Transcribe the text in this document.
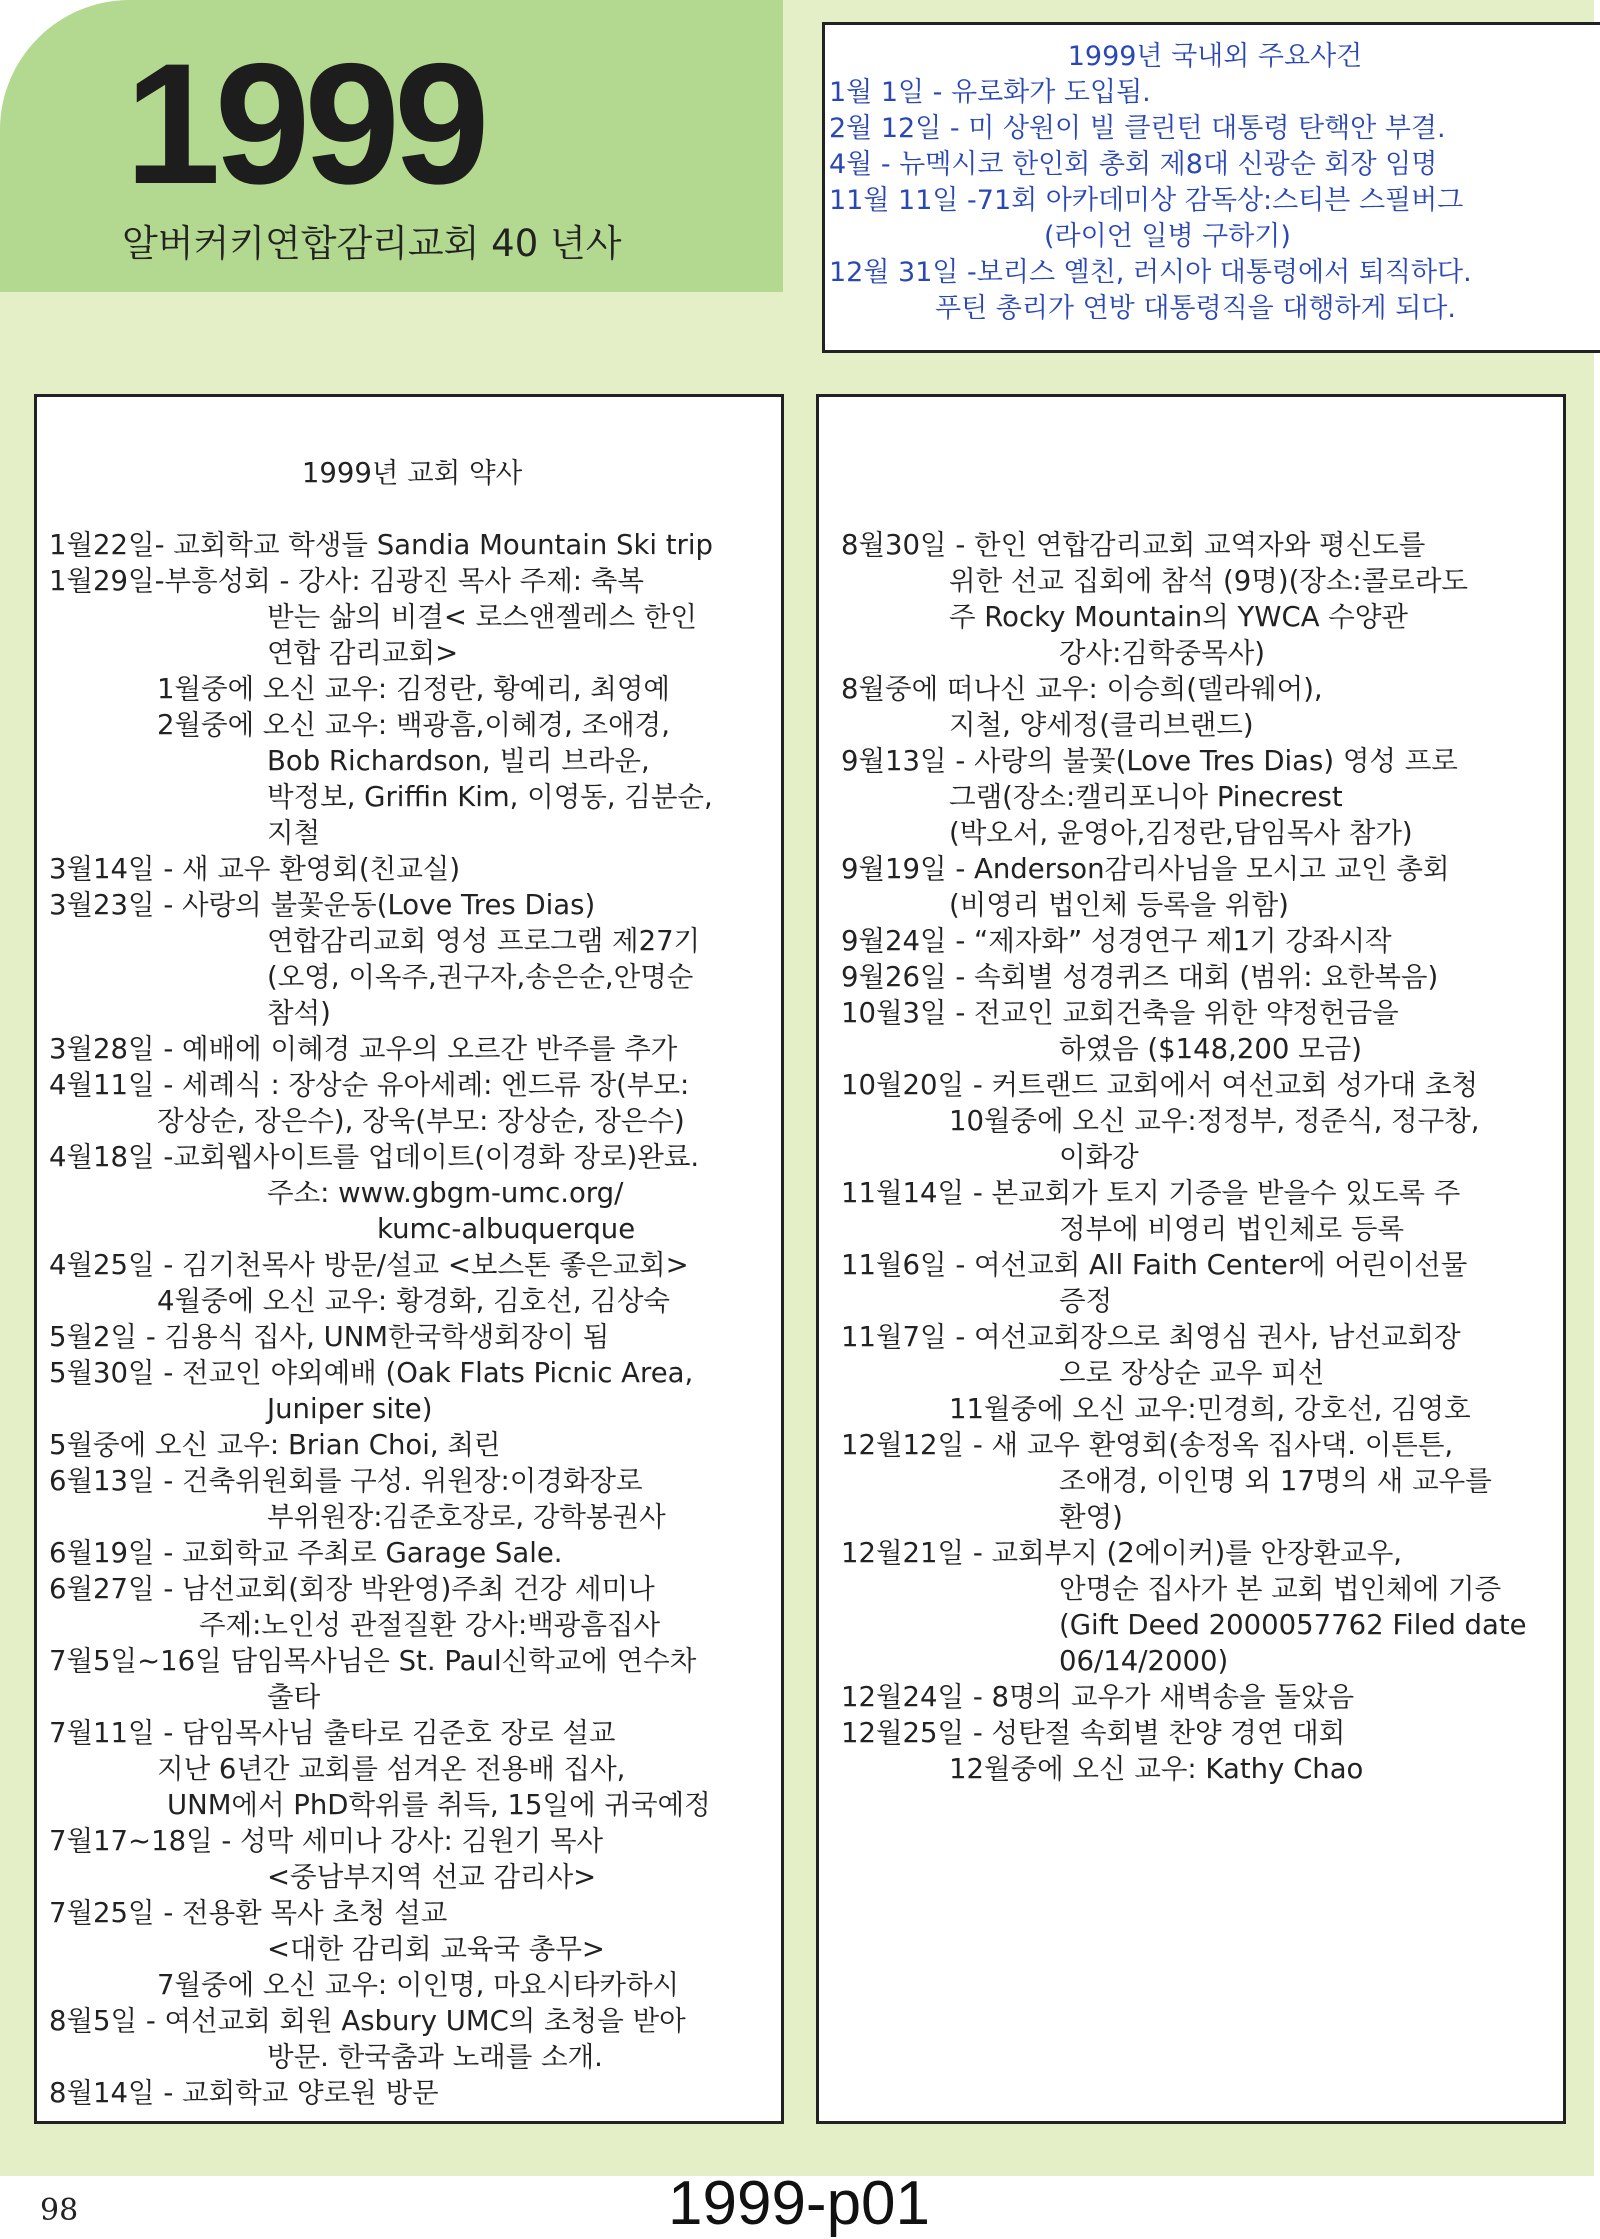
1999
알버커키연합감리교회 40 년사
1999년 국내외 주요사건
1월 1일 - 유로화가 도입됨.
2월 12일 - 미 상원이 빌 클린턴 대통령 탄핵안 부결.
4월 - 뉴멕시코 한인회 총회 제8대 신광순 회장 임명
11월 11일 -71회 아카데미상 감독상:스티븐 스필버그
(라이언 일병 구하기)
12월 31일 -보리스 옐친, 러시아 대통령에서 퇴직하다.
푸틴 총리가 연방 대통령직을 대행하게 되다.
1999년 교회 약사
1월22일- 교회학교 학생들 Sandia Mountain Ski trip
1월29일-부흥성회 - 강사: 김광진 목사 주제: 축복
받는 삶의 비결< 로스앤젤레스 한인
연합 감리교회>
1월중에 오신 교우: 김정란, 황예리, 최영예
2월중에 오신 교우: 백광흠,이혜경, 조애경,
Bob Richardson, 빌리 브라운,
박정보, Griffin Kim, 이영동, 김분순,
지철
3월14일 - 새 교우 환영회(친교실)
3월23일 - 사랑의 불꽃운동(Love Tres Dias)
연합감리교회 영성 프로그램 제27기
(오영, 이옥주,권구자,송은순,안명순
참석)
3월28일 - 예배에 이혜경 교우의 오르간 반주를 추가
4월11일 - 세례식 : 장상순 유아세례: 엔드류 장(부모:
장상순, 장은수), 장욱(부모: 장상순, 장은수)
4월18일 -교회웹사이트를 업데이트(이경화 장로)완료.
주소: www.gbgm-umc.org/
kumc-albuquerque
4월25일 - 김기천목사 방문/설교 <보스톤 좋은교회>
4월중에 오신 교우: 황경화, 김호선, 김상숙
5월2일 - 김용식 집사, UNM한국학생회장이 됨
5월30일 - 전교인 야외예배 (Oak Flats Picnic Area,
Juniper site)
5월중에 오신 교우: Brian Choi, 최린
6월13일 - 건축위원회를 구성. 위원장:이경화장로
부위원장:김준호장로, 강학봉권사
6월19일 - 교회학교 주최로 Garage Sale.
6월27일 - 남선교회(회장 박완영)주최 건강 세미나
주제:노인성 관절질환 강사:백광흠집사
7월5일~16일 담임목사님은 St. Paul신학교에 연수차
출타
7월11일 - 담임목사님 출타로 김준호 장로 설교
지난 6년간 교회를 섬겨온 전용배 집사,
UNM에서 PhD학위를 취득, 15일에 귀국예정
7월17~18일 - 성막 세미나 강사: 김원기 목사
<중남부지역 선교 감리사>
7월25일 - 전용환 목사 초청 설교
<대한 감리회 교육국 총무>
7월중에 오신 교우: 이인명, 마요시타카하시
8월5일 - 여선교회 회원 Asbury UMC의 초청을 받아
방문. 한국춤과 노래를 소개.
8월14일 - 교회학교 양로원 방문
8월30일 - 한인 연합감리교회 교역자와 평신도를
위한 선교 집회에 참석 (9명)(장소:콜로라도
주 Rocky Mountain의 YWCA 수양관
강사:김학중목사)
8월중에 떠나신 교우: 이승희(델라웨어),
지철, 양세정(클리브랜드)
9월13일 - 사랑의 불꽃(Love Tres Dias) 영성 프로
그램(장소:캘리포니아 Pinecrest
(박오서, 윤영아,김정란,담임목사 참가)
9월19일 - Anderson감리사님을 모시고 교인 총회
(비영리 법인체 등록을 위함)
9월24일 - “제자화” 성경연구 제1기 강좌시작
9월26일 - 속회별 성경퀴즈 대회 (범위: 요한복음)
10월3일 - 전교인 교회건축을 위한 약정헌금을
하였음 ($148,200 모금)
10월20일 - 커트랜드 교회에서 여선교회 성가대 초청
10월중에 오신 교우:정정부, 정준식, 정구창,
이화강
11월14일 - 본교회가 토지 기증을 받을수 있도록 주
정부에 비영리 법인체로 등록
11월6일 - 여선교회 All Faith Center에 어린이선물
증정
11월7일 - 여선교회장으로 최영심 권사, 남선교회장
으로 장상순 교우 피선
11월중에 오신 교우:민경희, 강호선, 김영호
12월12일 - 새 교우 환영회(송정옥 집사댁. 이튼튼,
조애경, 이인명 외 17명의 새 교우를
환영)
12월21일 - 교회부지 (2에이커)를 안장환교우,
안명순 집사가 본 교회 법인체에 기증
(Gift Deed 2000057762 Filed date
06/14/2000)
12월24일 - 8명의 교우가 새벽송을 돌았음
12월25일 - 성탄절 속회별 찬양 경연 대회
12월중에 오신 교우: Kathy Chao
98	1999-p01
